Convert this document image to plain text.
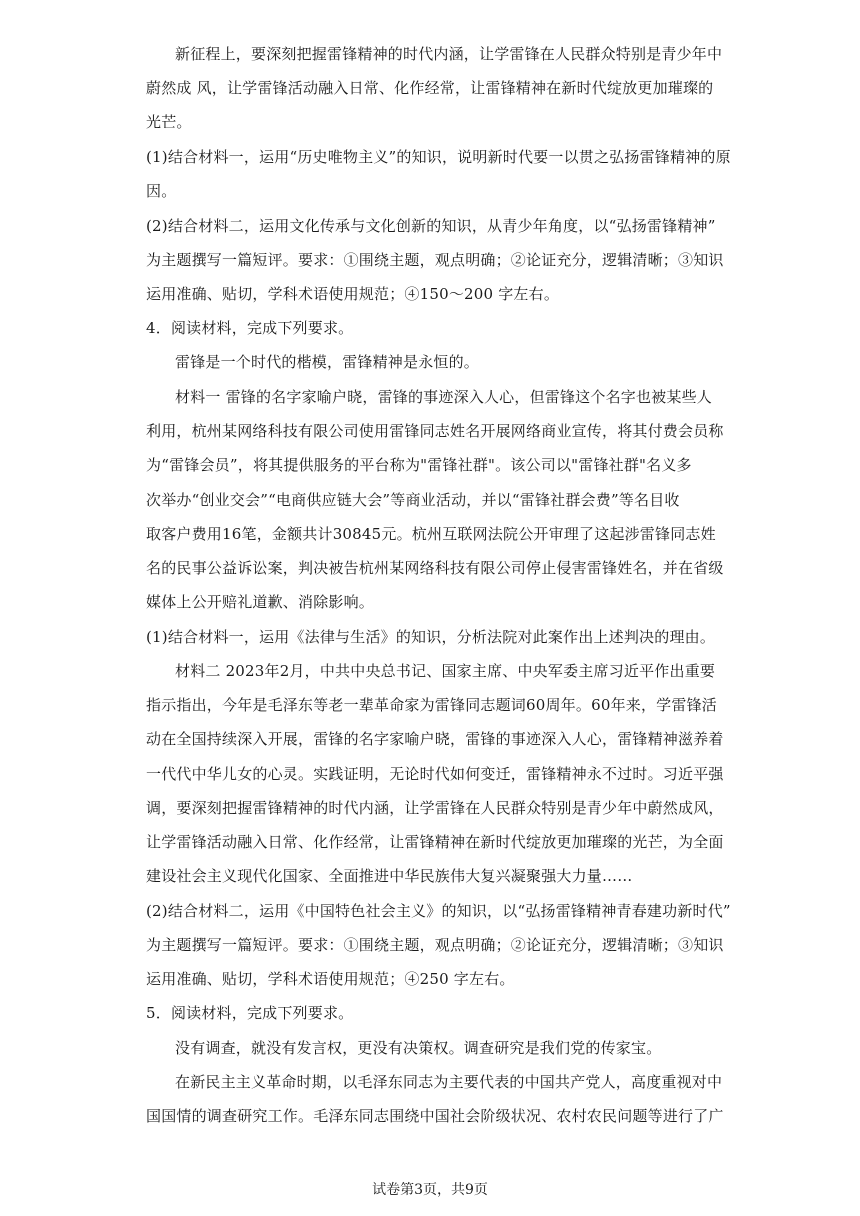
新征程上，要深刻把握雷锋精神的时代内涵，让学雷锋在人民群众特别是青少年中
蔚然成 风，让学雷锋活动融入日常、化作经常，让雷锋精神在新时代绽放更加璀璨的
光芒。
(1)结合材料一，运用“历史唯物主义”的知识，说明新时代要一以贯之弘扬雷锋精神的原
因。
(2)结合材料二，运用文化传承与文化创新的知识，从青少年角度，以“弘扬雷锋精神”
为主题撰写一篇短评。要求：①围绕主题，观点明确；②论证充分，逻辑清晰；③知识
运用准确、贴切，学科术语使用规范；④150～200 字左右。
4．阅读材料，完成下列要求。
雷锋是一个时代的楷模，雷锋精神是永恒的。
材料一 雷锋的名字家喻户晓，雷锋的事迹深入人心，但雷锋这个名字也被某些人
利用，杭州某网络科技有限公司使用雷锋同志姓名开展网络商业宣传，将其付费会员称
为“雷锋会员”，将其提供服务的平台称为"雷锋社群"。该公司以"雷锋社群"名义多
次举办“创业交会”“电商供应链大会”等商业活动，并以“雷锋社群会费”等名目收
取客户费用16笔，金额共计30845元。杭州互联网法院公开审理了这起涉雷锋同志姓
名的民事公益诉讼案，判决被告杭州某网络科技有限公司停止侵害雷锋姓名，并在省级
媒体上公开赔礼道歉、消除影响。
(1)结合材料一，运用《法律与生活》的知识，分析法院对此案作出上述判决的理由。
材料二 2023年2月，中共中央总书记、国家主席、中央军委主席习近平作出重要
指示指出，今年是毛泽东等老一辈革命家为雷锋同志题词60周年。60年来，学雷锋活
动在全国持续深入开展，雷锋的名字家喻户晓，雷锋的事迹深入人心，雷锋精神滋养着
一代代中华儿女的心灵。实践证明，无论时代如何变迁，雷锋精神永不过时。习近平强
调，要深刻把握雷锋精神的时代内涵，让学雷锋在人民群众特别是青少年中蔚然成风，
让学雷锋活动融入日常、化作经常，让雷锋精神在新时代绽放更加璀璨的光芒，为全面
建设社会主义现代化国家、全面推进中华民族伟大复兴凝聚强大力量……
(2)结合材料二，运用《中国特色社会主义》的知识，以“弘扬雷锋精神青春建功新时代”
为主题撰写一篇短评。要求：①围绕主题，观点明确；②论证充分，逻辑清晰；③知识
运用准确、贴切，学科术语使用规范；④250 字左右。
5．阅读材料，完成下列要求。
没有调查，就没有发言权，更没有决策权。调查研究是我们党的传家宝。
在新民主主义革命时期，以毛泽东同志为主要代表的中国共产党人，高度重视对中
国国情的调查研究工作。毛泽东同志围绕中国社会阶级状况、农村农民问题等进行了广
试卷第3页，共9页
